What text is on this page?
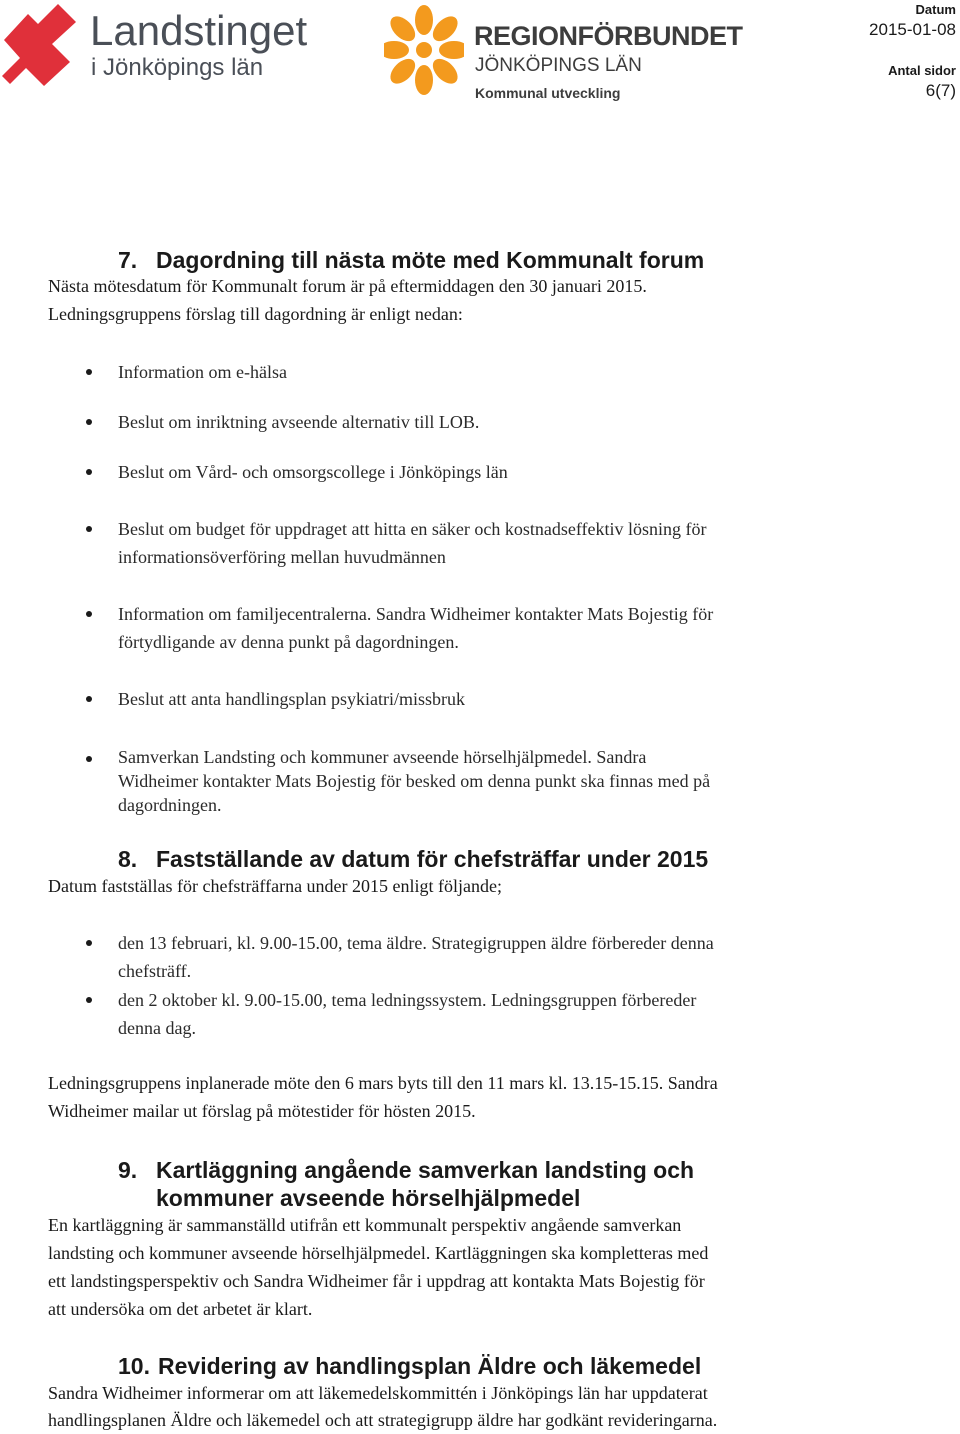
Landstinget
i Jönköpings län
REGIONFÖRBUNDET
JÖNKÖPINGS LÄN
Kommunal utveckling
Datum
2015-01-08
Antal sidor
6(7)
7. Dagordning till nästa möte med Kommunalt forum
Nästa mötesdatum för Kommunalt forum är på eftermiddagen den 30 januari 2015.
Ledningsgruppens förslag till dagordning är enligt nedan:
Information om e-hälsa
Beslut om inriktning avseende alternativ till LOB.
Beslut om Vård- och omsorgscollege i Jönköpings län
Beslut om budget för uppdraget att hitta en säker och kostnadseffektiv lösning för
informationsöverföring mellan huvudmännen
Information om familjecentralerna. Sandra Widheimer kontakter Mats Bojestig för
förtydligande av denna punkt på dagordningen.
Beslut att anta handlingsplan psykiatri/missbruk
Samverkan Landsting och kommuner avseende hörselhjälpmedel. Sandra
Widheimer kontakter Mats Bojestig för besked om denna punkt ska finnas med på
dagordningen.
8. Fastställande av datum för chefsträffar under 2015
Datum fastställas för chefsträffarna under 2015 enligt följande;
den 13 februari, kl. 9.00-15.00, tema äldre. Strategigruppen äldre förbereder denna
chefsträff.
den 2 oktober kl. 9.00-15.00, tema ledningssystem. Ledningsgruppen förbereder
denna dag.
Ledningsgruppens inplanerade möte den 6 mars byts till den 11 mars kl. 13.15-15.15. Sandra
Widheimer mailar ut förslag på mötestider för hösten 2015.
9. Kartläggning angående samverkan landsting och
kommuner avseende hörselhjälpmedel
En kartläggning är sammanställd utifrån ett kommunalt perspektiv angående samverkan
landsting och kommuner avseende hörselhjälpmedel. Kartläggningen ska kompletteras med
ett landstingsperspektiv och Sandra Widheimer får i uppdrag att kontakta Mats Bojestig för
att undersöka om det arbetet är klart.
10. Revidering av handlingsplan Äldre och läkemedel
Sandra Widheimer informerar om att läkemedelskommittén i Jönköpings län har uppdaterat
handlingsplanen Äldre och läkemedel och att strategigrupp äldre har godkänt revideringarna.
